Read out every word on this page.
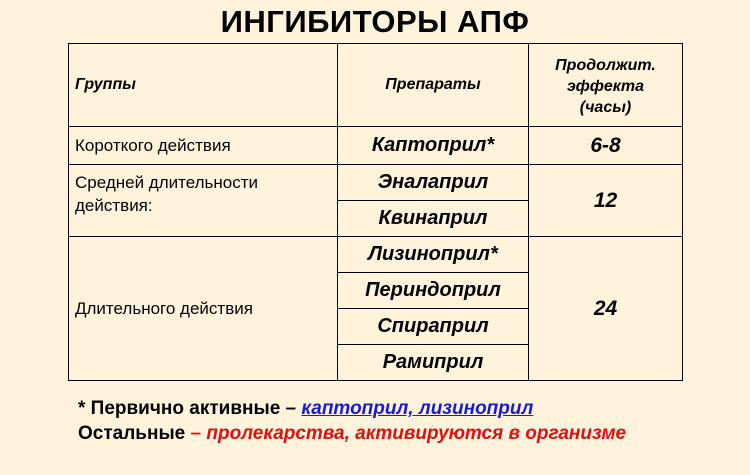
ИНГИБИТОРЫ АПФ
Группы	Препараты	Продолжит.
эффекта
(часы)
Короткого действия	Каптоприл*	6-8
Средней длительности
действия:	Эналаприл	12
	Квинаприл	
Длительного действия	Лизиноприл*	24
	Периндоприл	
	Спираприл	
	Рамиприл	
* Первично активные – каптоприл, лизиноприл
Остальные – пролекарства, активируются в организме
